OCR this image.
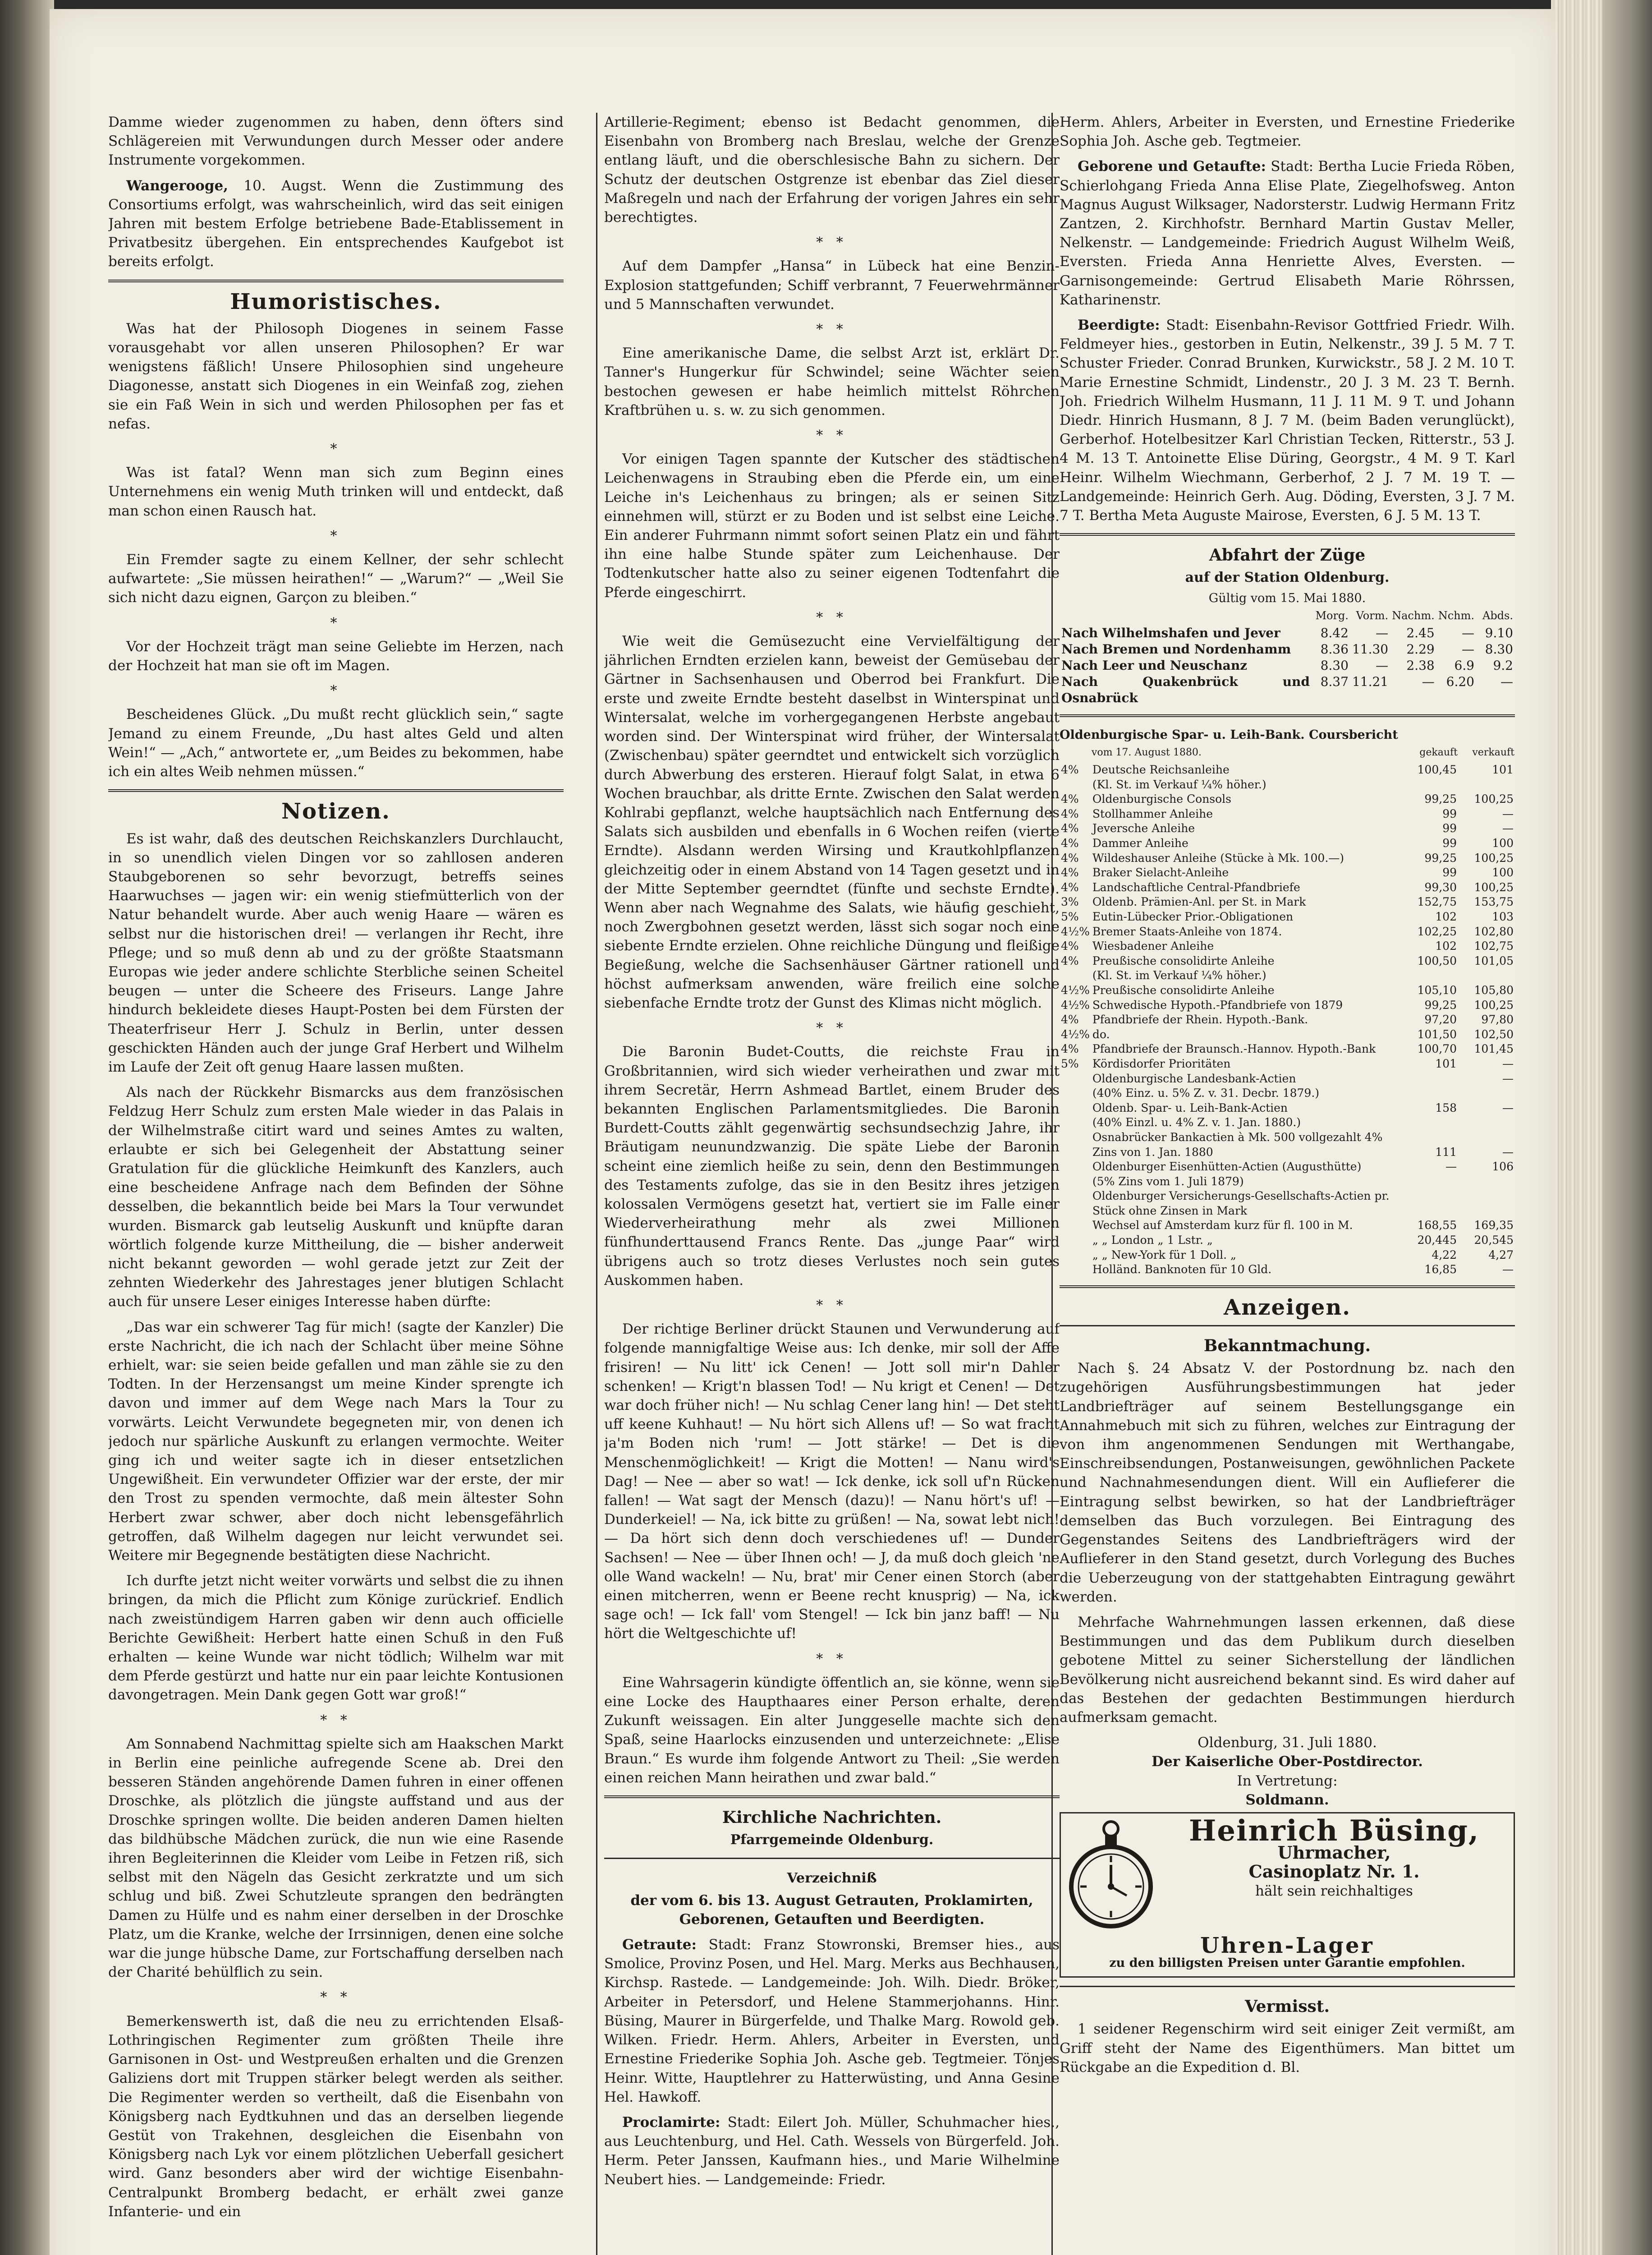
Damme wieder zugenommen zu haben, denn öfters sind Schlägereien mit Verwundungen durch Messer oder andere Instrumente vorgekommen.

Wangerooge, 10. Augst. Wenn die Zustimmung des Consortiums erfolgt, was wahrscheinlich, wird das seit einigen Jahren mit bestem Erfolge betriebene Bade-Etablissement in Privatbesitz übergehen. Ein entsprechendes Kaufgebot ist bereits erfolgt.

Humoristisches.

Was hat der Philosoph Diogenes in seinem Fasse vorausgehabt vor allen unseren Philosophen? Er war wenigstens fäßlich! Unsere Philosophien sind ungeheure Diagonesse, anstatt sich Diogenes in ein Weinfaß zog, ziehen sie ein Faß Wein in sich und werden Philosophen per fas et nefas.

*

Was ist fatal? Wenn man sich zum Beginn eines Unternehmens ein wenig Muth trinken will und entdeckt, daß man schon einen Rausch hat.

*

Ein Fremder sagte zu einem Kellner, der sehr schlecht aufwartete: „Sie müssen heirathen!“ — „Warum?“ — „Weil Sie sich nicht dazu eignen, Garçon zu bleiben.“

*

Vor der Hochzeit trägt man seine Geliebte im Herzen, nach der Hochzeit hat man sie oft im Magen.

*

Bescheidenes Glück. „Du mußt recht glücklich sein,“ sagte Jemand zu einem Freunde, „Du hast altes Geld und alten Wein!“ — „Ach,“ antwortete er, „um Beides zu bekommen, habe ich ein altes Weib nehmen müssen.“

Notizen.

Es ist wahr, daß des deutschen Reichskanzlers Durchlaucht, in so unendlich vielen Dingen vor so zahllosen anderen Staubgeborenen so sehr bevorzugt, betreffs seines Haarwuchses — jagen wir: ein wenig stiefmütterlich von der Natur behandelt wurde. Aber auch wenig Haare — wären es selbst nur die historischen drei! — verlangen ihr Recht, ihre Pflege; und so muß denn ab und zu der größte Staatsmann Europas wie jeder andere schlichte Sterbliche seinen Scheitel beugen — unter die Scheere des Friseurs. Lange Jahre hindurch bekleidete dieses Haupt-Posten bei dem Fürsten der Theaterfriseur Herr J. Schulz in Berlin, unter dessen geschickten Händen auch der junge Graf Herbert und Wilhelm im Laufe der Zeit oft genug Haare lassen mußten.

Als nach der Rückkehr Bismarcks aus dem französischen Feldzug Herr Schulz zum ersten Male wieder in das Palais in der Wilhelmstraße citirt ward und seines Amtes zu walten, erlaubte er sich bei Gelegenheit der Abstattung seiner Gratulation für die glückliche Heimkunft des Kanzlers, auch eine bescheidene Anfrage nach dem Befinden der Söhne desselben, die bekanntlich beide bei Mars la Tour verwundet wurden. Bismarck gab leutselig Auskunft und knüpfte daran wörtlich folgende kurze Mittheilung, die — bisher anderweit nicht bekannt geworden — wohl gerade jetzt zur Zeit der zehnten Wiederkehr des Jahrestages jener blutigen Schlacht auch für unsere Leser einiges Interesse haben dürfte:

„Das war ein schwerer Tag für mich! (sagte der Kanzler) Die erste Nachricht, die ich nach der Schlacht über meine Söhne erhielt, war: sie seien beide gefallen und man zähle sie zu den Todten. In der Herzensangst um meine Kinder sprengte ich davon und immer auf dem Wege nach Mars la Tour zu vorwärts. Leicht Verwundete begegneten mir, von denen ich jedoch nur spärliche Auskunft zu erlangen vermochte. Weiter ging ich und weiter sagte ich in dieser entsetzlichen Ungewißheit. Ein verwundeter Offizier war der erste, der mir den Trost zu spenden vermochte, daß mein ältester Sohn Herbert zwar schwer, aber doch nicht lebensgefährlich getroffen, daß Wilhelm dagegen nur leicht verwundet sei. Weitere mir Begegnende bestätigten diese Nachricht.

Ich durfte jetzt nicht weiter vorwärts und selbst die zu ihnen bringen, da mich die Pflicht zum Könige zurückrief. Endlich nach zweistündigem Harren gaben wir denn auch officielle Berichte Gewißheit: Herbert hatte einen Schuß in den Fuß erhalten — keine Wunde war nicht tödlich; Wilhelm war mit dem Pferde gestürzt und hatte nur ein paar leichte Kontusionen davongetragen. Mein Dank gegen Gott war groß!“

* *

Am Sonnabend Nachmittag spielte sich am Haakschen Markt in Berlin eine peinliche aufregende Scene ab. Drei den besseren Ständen angehörende Damen fuhren in einer offenen Droschke, als plötzlich die jüngste auffstand und aus der Droschke springen wollte. Die beiden anderen Damen hielten das bildhübsche Mädchen zurück, die nun wie eine Rasende ihren Begleiterinnen die Kleider vom Leibe in Fetzen riß, sich selbst mit den Nägeln das Gesicht zerkratzte und um sich schlug und biß. Zwei Schutzleute sprangen den bedrängten Damen zu Hülfe und es nahm einer derselben in der Droschke Platz, um die Kranke, welche der Irrsinnigen, denen eine solche war die junge hübsche Dame, zur Fortschaffung derselben nach der Charité behülflich zu sein.

* *

Bemerkenswerth ist, daß die neu zu errichtenden Elsaß-Lothringischen Regimenter zum größten Theile ihre Garnisonen in Ost- und Westpreußen erhalten und die Grenzen Galiziens dort mit Truppen stärker belegt werden als seither. Die Regimenter werden so vertheilt, daß die Eisenbahn von Königsberg nach Eydtkuhnen und das an derselben liegende Gestüt von Trakehnen, desgleichen die Eisenbahn von Königsberg nach Lyk vor einem plötzlichen Ueberfall gesichert wird. Ganz besonders aber wird der wichtige Eisenbahn-Centralpunkt Bromberg bedacht, er erhält zwei ganze Infanterie- und ein

Artillerie-Regiment; ebenso ist Bedacht genommen, die Eisenbahn von Bromberg nach Breslau, welche der Grenze entlang läuft, und die oberschlesische Bahn zu sichern. Der Schutz der deutschen Ostgrenze ist ebenbar das Ziel dieser Maßregeln und nach der Erfahrung der vorigen Jahres ein sehr berechtigtes.

* *

Auf dem Dampfer „Hansa“ in Lübeck hat eine Benzin-Explosion stattgefunden; Schiff verbrannt, 7 Feuerwehrmänner und 5 Mannschaften verwundet.

* *

Eine amerikanische Dame, die selbst Arzt ist, erklärt Dr. Tanner's Hungerkur für Schwindel; seine Wächter seien bestochen gewesen er habe heimlich mittelst Röhrchen Kraftbrühen u. s. w. zu sich genommen.

* *

Vor einigen Tagen spannte der Kutscher des städtischen Leichenwagens in Straubing eben die Pferde ein, um eine Leiche in's Leichenhaus zu bringen; als er seinen Sitz einnehmen will, stürzt er zu Boden und ist selbst eine Leiche. Ein anderer Fuhrmann nimmt sofort seinen Platz ein und fährt ihn eine halbe Stunde später zum Leichenhause. Der Todtenkutscher hatte also zu seiner eigenen Todtenfahrt die Pferde eingeschirrt.

* *

Wie weit die Gemüsezucht eine Vervielfältigung der jährlichen Erndten erzielen kann, beweist der Gemüsebau der Gärtner in Sachsenhausen und Oberrod bei Frankfurt. Die erste und zweite Erndte besteht daselbst in Winterspinat und Wintersalat, welche im vorhergegangenen Herbste angebaut worden sind. Der Winterspinat wird früher, der Wintersalat (Zwischenbau) später geerndtet und entwickelt sich vorzüglich durch Abwerbung des ersteren. Hierauf folgt Salat, in etwa 6 Wochen brauchbar, als dritte Ernte. Zwischen den Salat werden Kohlrabi gepflanzt, welche hauptsächlich nach Entfernung des Salats sich ausbilden und ebenfalls in 6 Wochen reifen (vierte Erndte). Alsdann werden Wirsing und Krautkohlpflanzen gleichzeitig oder in einem Abstand von 14 Tagen gesetzt und in der Mitte September geerndtet (fünfte und sechste Erndte). Wenn aber nach Wegnahme des Salats, wie häufig geschieht, noch Zwergbohnen gesetzt werden, lässt sich sogar noch eine siebente Erndte erzielen. Ohne reichliche Düngung und fleißige Begießung, welche die Sachsenhäuser Gärtner rationell und höchst aufmerksam anwenden, wäre freilich eine solche siebenfache Erndte trotz der Gunst des Klimas nicht möglich.

* *

Die Baronin Budet-Coutts, die reichste Frau in Großbritannien, wird sich wieder verheirathen und zwar mit ihrem Secretär, Herrn Ashmead Bartlet, einem Bruder des bekannten Englischen Parlamentsmitgliedes. Die Baronin Burdett-Coutts zählt gegenwärtig sechsundsechzig Jahre, ihr Bräutigam neunundzwanzig. Die späte Liebe der Baronin scheint eine ziemlich heiße zu sein, denn den Bestimmungen des Testaments zufolge, das sie in den Besitz ihres jetzigen kolossalen Vermögens gesetzt hat, vertiert sie im Falle einer Wiederverheirathung mehr als zwei Millionen fünfhunderttausend Francs Rente. Das „junge Paar“ wird übrigens auch so trotz dieses Verlustes noch sein gutes Auskommen haben.

* *

Der richtige Berliner drückt Staunen und Verwunderung auf folgende mannigfaltige Weise aus: Ich denke, mir soll der Affe frisiren! — Nu litt' ick Cenen! — Jott soll mir'n Dahler schenken! — Krigt'n blassen Tod! — Nu krigt et Cenen! — Det war doch früher nich! — Nu schlag Cener lang hin! — Det steht uff keene Kuhhaut! — Nu hört sich Allens uf! — So wat fracht ja'm Boden nich 'rum! — Jott stärke! — Det is die Menschenmöglichkeit! — Krigt die Motten! — Nanu wird's Dag! — Nee — aber so wat! — Ick denke, ick soll uf'n Rücken fallen! — Wat sagt der Mensch (dazu)! — Nanu hört's uf! — Dunderkeiel! — Na, ick bitte zu grüßen! — Na, sowat lebt nich! — Da hört sich denn doch verschiedenes uf! — Dunder Sachsen! — Nee — über Ihnen och! — J, da muß doch gleich 'ne olle Wand wackeln! — Nu, brat' mir Cener einen Storch (aber einen mitcherren, wenn er Beene recht knusprig) — Na, ick sage och! — Ick fall' vom Stengel! — Ick bin janz baff! — Nu hört die Weltgeschichte uf!

* *

Eine Wahrsagerin kündigte öffentlich an, sie könne, wenn sie eine Locke des Haupthaares einer Person erhalte, deren Zukunft weissagen. Ein alter Junggeselle machte sich den Spaß, seine Haarlocks einzusenden und unterzeichnete: „Elise Braun.“ Es wurde ihm folgende Antwort zu Theil: „Sie werden einen reichen Mann heirathen und zwar bald.“

Kirchliche Nachrichten.
Pfarrgemeinde Oldenburg.
Verzeichniß

der vom 6. bis 13. August Getrauten, Proklamirten, Geborenen, Getauften und Beerdigten.

Getraute: Stadt: Franz Stowronski, Bremser hies., aus Smolice, Provinz Posen, und Hel. Marg. Merks aus Bechhausen, Kirchsp. Rastede. — Landgemeinde: Joh. Wilh. Diedr. Bröker, Arbeiter in Petersdorf, und Helene Stammerjohanns. Hinr. Büsing, Maurer in Bürgerfelde, und Thalke Marg. Rowold geb. Wilken. Friedr. Herm. Ahlers, Arbeiter in Eversten, und Ernestine Friederike Sophia Joh. Asche geb. Tegtmeier. Tönjes Heinr. Witte, Hauptlehrer zu Hatterwüsting, und Anna Gesine Hel. Hawkoff.

Proclamirte: Stadt: Eilert Joh. Müller, Schuhmacher hies., aus Leuchtenburg, und Hel. Cath. Wessels von Bürgerfeld. Joh. Herm. Peter Janssen, Kaufmann hies., und Marie Wilhelmine Neubert hies. — Landgemeinde: Friedr.

Herm. Ahlers, Arbeiter in Eversten, und Ernestine Friederike Sophia Joh. Asche geb. Tegtmeier.

Geborene und Getaufte: Stadt: Bertha Lucie Frieda Röben, Schierlohgang Frieda Anna Elise Plate, Ziegelhofsweg. Anton Magnus August Wilksager, Nadorsterstr. Ludwig Hermann Fritz Zantzen, 2. Kirchhofstr. Bernhard Martin Gustav Meller, Nelkenstr. — Landgemeinde: Friedrich August Wilhelm Weiß, Eversten. Frieda Anna Henriette Alves, Eversten. — Garnisongemeinde: Gertrud Elisabeth Marie Röhrssen, Katharinenstr.

Beerdigte: Stadt: Eisenbahn-Revisor Gottfried Friedr. Wilh. Feldmeyer hies., gestorben in Eutin, Nelkenstr., 39 J. 5 M. 7 T. Schuster Frieder. Conrad Brunken, Kurwickstr., 58 J. 2 M. 10 T. Marie Ernestine Schmidt, Lindenstr., 20 J. 3 M. 23 T. Bernh. Joh. Friedrich Wilhelm Husmann, 11 J. 11 M. 9 T. und Johann Diedr. Hinrich Husmann, 8 J. 7 M. (beim Baden verunglückt), Gerberhof. Hotelbesitzer Karl Christian Tecken, Ritterstr., 53 J. 4 M. 13 T. Antoinette Elise Düring, Georgstr., 4 M. 9 T. Karl Heinr. Wilhelm Wiechmann, Gerberhof, 2 J. 7 M. 19 T. — Landgemeinde: Heinrich Gerh. Aug. Döding, Eversten, 3 J. 7 M. 7 T. Bertha Meta Auguste Mairose, Eversten, 6 J. 5 M. 13 T.

Abfahrt der Züge
auf der Station Oldenburg.
Gültig vom 15. Mai 1880.
	Morg.	Vorm.	Nachm.	Nchm.	Abds.
Nach Wilhelmshafen und Jever	8.42	—	2.45	—	9.10
Nach Bremen und Nordenhamm	8.36	11.30	2.29	—	8.30
Nach Leer und Neuschanz	8.30	—	2.38	6.9	9.2
Nach Quakenbrück und Osnabrück	8.37	11.21	—	6.20	—
Oldenburgische Spar- u. Leih-Bank. Coursbericht
	vom 17. August 1880.	gekauft	verkauft
4%	Deutsche Reichsanleihe	100,45	101
	(Kl. St. im Verkauf ¼% höher.)		
4%	Oldenburgische Consols	99,25	100,25
4%	Stollhammer Anleihe	99	—
4%	Jeversche Anleihe	99	—
4%	Dammer Anleihe	99	100
4%	Wildeshauser Anleihe (Stücke à Mk. 100.—)	99,25	100,25
4%	Braker Sielacht-Anleihe	99	100
4%	Landschaftliche Central-Pfandbriefe	99,30	100,25
3%	Oldenb. Prämien-Anl. per St. in Mark	152,75	153,75
5%	Eutin-Lübecker Prior.-Obligationen	102	103
4½%	Bremer Staats-Anleihe von 1874.	102,25	102,80
4%	Wiesbadener Anleihe	102	102,75
4%	Preußische consolidirte Anleihe	100,50	101,05
	(Kl. St. im Verkauf ¼% höher.)		
4½%	Preußische consolidirte Anleihe	105,10	105,80
4½%	Schwedische Hypoth.-Pfandbriefe von 1879	99,25	100,25
4%	Pfandbriefe der Rhein. Hypoth.-Bank.	97,20	97,80
4½%	do.	101,50	102,50
4%	Pfandbriefe der Braunsch.-Hannov. Hypoth.-Bank	100,70	101,45
5%	Kördisdorfer Prioritäten	101	—
	Oldenburgische Landesbank-Actien		—
	(40% Einz. u. 5% Z. v. 31. Decbr. 1879.)		
	Oldenb. Spar- u. Leih-Bank-Actien	158	—
	(40% Einzl. u. 4% Z. v. 1. Jan. 1880.)		
	Osnabrücker Bankactien à Mk. 500 vollgezahlt 4%		
	Zins von 1. Jan. 1880	111	—
	Oldenburger Eisenhütten-Actien (Augusthütte)	—	106
	(5% Zins vom 1. Juli 1879)		
	Oldenburger Versicherungs-Gesellschafts-Actien pr.		
	Stück ohne Zinsen in Mark		
	Wechsel auf Amsterdam kurz für fl. 100 in M.	168,55	169,35
	„ „ London „ 1 Lstr. „	20,445	20,545
	„ „ New-York für 1 Doll. „	4,22	4,27
	Holländ. Banknoten für 10 Gld.	16,85	—
Anzeigen.
Bekanntmachung.

Nach §. 24 Absatz V. der Postordnung bz. nach den zugehörigen Ausführungsbestimmungen hat jeder Landbriefträger auf seinem Bestellungsgange ein Annahmebuch mit sich zu führen, welches zur Eintragung der von ihm angenommenen Sendungen mit Werthangabe, Einschreibsendungen, Postanweisungen, gewöhnlichen Packete und Nachnahmesendungen dient. Will ein Auflieferer die Eintragung selbst bewirken, so hat der Landbriefträger demselben das Buch vorzulegen. Bei Eintragung des Gegenstandes Seitens des Landbriefträgers wird der Auflieferer in den Stand gesetzt, durch Vorlegung des Buches die Ueberzeugung von der stattgehabten Eintragung gewährt werden.

Mehrfache Wahrnehmungen lassen erkennen, daß diese Bestimmungen und das dem Publikum durch dieselben gebotene Mittel zu seiner Sicherstellung der ländlichen Bevölkerung nicht ausreichend bekannt sind. Es wird daher auf das Bestehen der gedachten Bestimmungen hierdurch aufmerksam gemacht.

Oldenburg, 31. Juli 1880.
Der Kaiserliche Ober-Postdirector.
In Vertretung:
Soldmann.
Heinrich Büsing,
Uhrmacher,
Casinoplatz Nr. 1.
hält sein reichhaltiges
Uhren-Lager
zu den billigsten Preisen unter Garantie empfohlen.
Vermisst.

1 seidener Regenschirm wird seit einiger Zeit vermißt, am Griff steht der Name des Eigenthümers. Man bittet um Rückgabe an die Expedition d. Bl.
